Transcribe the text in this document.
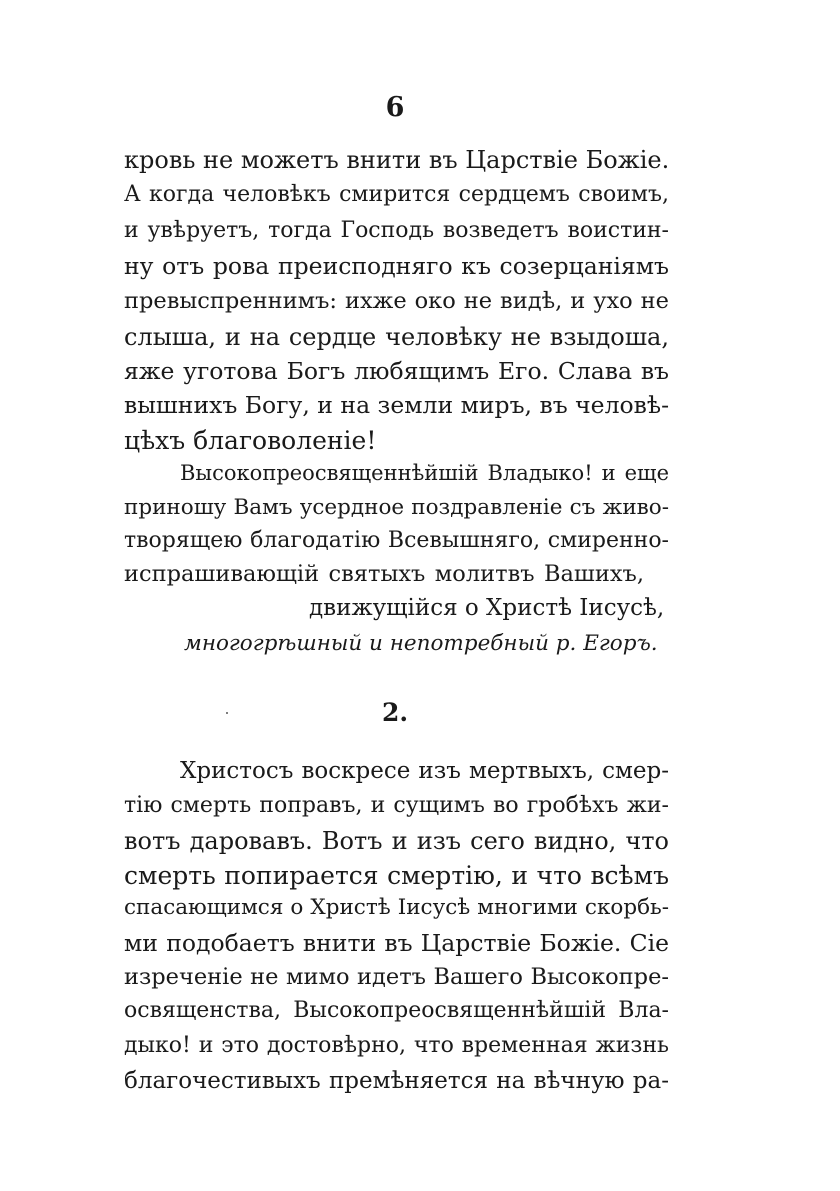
6
кровь не можетъ внити въ Царствіе Божіе.
А когда человѣкъ смирится сердцемъ своимъ,
и увѣруетъ, тогда Господь возведетъ воистин-
ну отъ рова преисподняго къ созерцаніямъ
превыспреннимъ: ихже око не видѣ, и ухо не
слыша, и на сердце человѣку не взыдоша,
яже уготова Богъ любящимъ Его. Слава въ
вышнихъ Богу, и на земли миръ, въ человѣ-
цѣхъ благоволеніе!
Высокопреосвященнѣйшій Владыко! и еще
приношу Вамъ усердное поздравленіе съ живо-
творящею благодатію Всевышняго, смиренно-
испрашивающій святыхъ молитвъ Вашихъ,
движущійся о Христѣ Іисусѣ,
многогрѣшный и непотребный р. Егоръ.
2.
Христосъ воскресе изъ мертвыхъ, смер-
тію смерть поправъ, и сущимъ во гробѣхъ жи-
вотъ даровавъ. Вотъ и изъ сего видно, что
смерть попирается смертію, и что всѣмъ
спасающимся о Христѣ Іисусѣ многими скорбь-
ми подобаетъ внити въ Царствіе Божіе. Сіе
изреченіе не мимо идетъ Вашего Высокопре-
освященства, Высокопреосвященнѣйшій Вла-
дыко! и это достовѣрно, что временная жизнь
благочестивыхъ премѣняется на вѣчную ра-
